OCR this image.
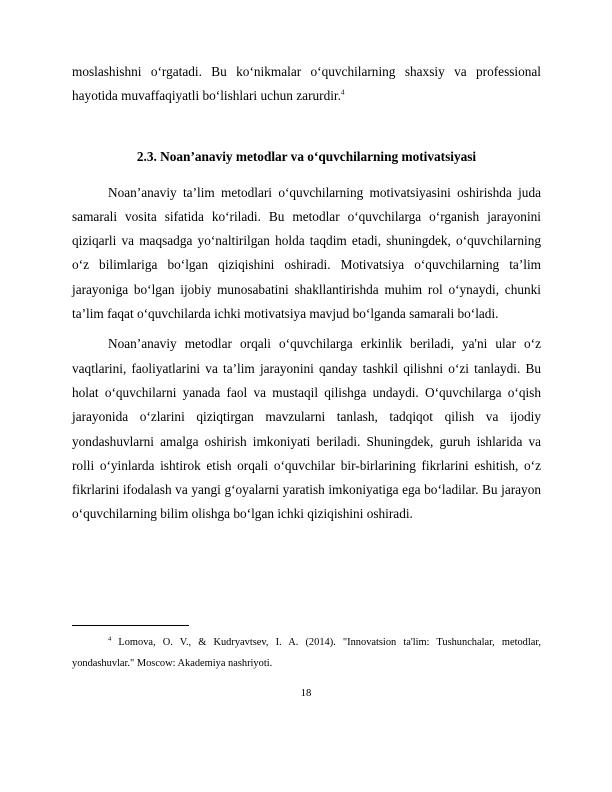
moslashishni o‘rgatadi. Bu ko‘nikmalar o‘quvchilarning shaxsiy va professional hayotida muvaffaqiyatli bo‘lishlari uchun zarurdir.$^4$

2.3. Noan’anaviy metodlar va o‘quvchilarning motivatsiyasi

Noan’anaviy ta’lim metodlari o‘quvchilarning motivatsiyasini oshirishda juda samarali vosita sifatida ko‘riladi. Bu metodlar o‘quvchilarga o‘rganish jarayonini qiziqarli va maqsadga yo‘naltirilgan holda taqdim etadi, shuningdek, o‘quvchilarning o‘z bilimlariga bo‘lgan qiziqishini oshiradi. Motivatsiya o‘quvchilarning ta’lim jarayoniga bo‘lgan ijobiy munosabatini shakllantirishda muhim rol o‘ynaydi, chunki ta’lim faqat o‘quvchilarda ichki motivatsiya mavjud bo‘lganda samarali bo‘ladi.

Noan’anaviy metodlar orqali o‘quvchilarga erkinlik beriladi, ya'ni ular o‘z vaqtlarini, faoliyatlarini va ta’lim jarayonini qanday tashkil qilishni o‘zi tanlaydi. Bu holat o‘quvchilarni yanada faol va mustaqil qilishga undaydi. O‘quvchilarga o‘qish jarayonida o‘zlarini qiziqtirgan mavzularni tanlash, tadqiqot qilish va ijodiy yondashuvlarni amalga oshirish imkoniyati beriladi. Shuningdek, guruh ishlarida va rolli o‘yinlarda ishtirok etish orqali o‘quvchilar bir-birlarining fikrlarini eshitish, o‘z fikrlarini ifodalash va yangi g‘oyalarni yaratish imkoniyatiga ega bo‘ladilar. Bu jarayon o‘quvchilarning bilim olishga bo‘lgan ichki qiziqishini oshiradi.

$^4$ Lomova, O. V., & Kudryavtsev, I. A. (2014). "Innovatsion ta'lim: Tushunchalar, metodlar, yondashuvlar." Moscow: Akademiya nashriyoti.

18
